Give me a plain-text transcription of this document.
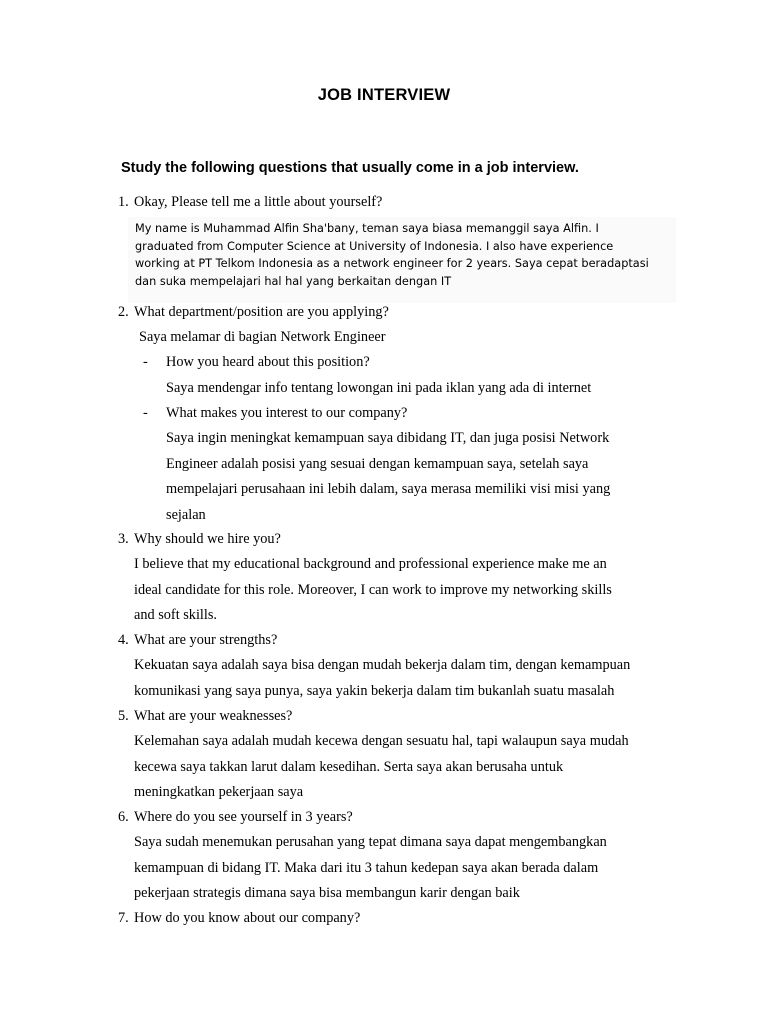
JOB INTERVIEW
Study the following questions that usually come in a job interview.
1. Okay, Please tell me a little about yourself?
My name is Muhammad Alfin Sha'bany, teman saya biasa memanggil saya Alfin. I
graduated from Computer Science at University of Indonesia. I also have experience
working at PT Telkom Indonesia as a network engineer for 2 years. Saya cepat beradaptasi
dan suka mempelajari hal hal yang berkaitan dengan IT
2. What department/position are you applying?
Saya melamar di bagian Network Engineer
- How you heard about this position?
Saya mendengar info tentang lowongan ini pada iklan yang ada di internet
- What makes you interest to our company?
Saya ingin meningkat kemampuan saya dibidang IT, dan juga posisi Network
Engineer adalah posisi yang sesuai dengan kemampuan saya, setelah saya
mempelajari perusahaan ini lebih dalam, saya merasa memiliki visi misi yang
sejalan
3. Why should we hire you?
I believe that my educational background and professional experience make me an
ideal candidate for this role. Moreover, I can work to improve my networking skills
and soft skills.
4. What are your strengths?
Kekuatan saya adalah saya bisa dengan mudah bekerja dalam tim, dengan kemampuan
komunikasi yang saya punya, saya yakin bekerja dalam tim bukanlah suatu masalah
5. What are your weaknesses?
Kelemahan saya adalah mudah kecewa dengan sesuatu hal, tapi walaupun saya mudah
kecewa saya takkan larut dalam kesedihan. Serta saya akan berusaha untuk
meningkatkan pekerjaan saya
6. Where do you see yourself in 3 years?
Saya sudah menemukan perusahan yang tepat dimana saya dapat mengembangkan
kemampuan di bidang IT. Maka dari itu 3 tahun kedepan saya akan berada dalam
pekerjaan strategis dimana saya bisa membangun karir dengan baik
7. How do you know about our company?
